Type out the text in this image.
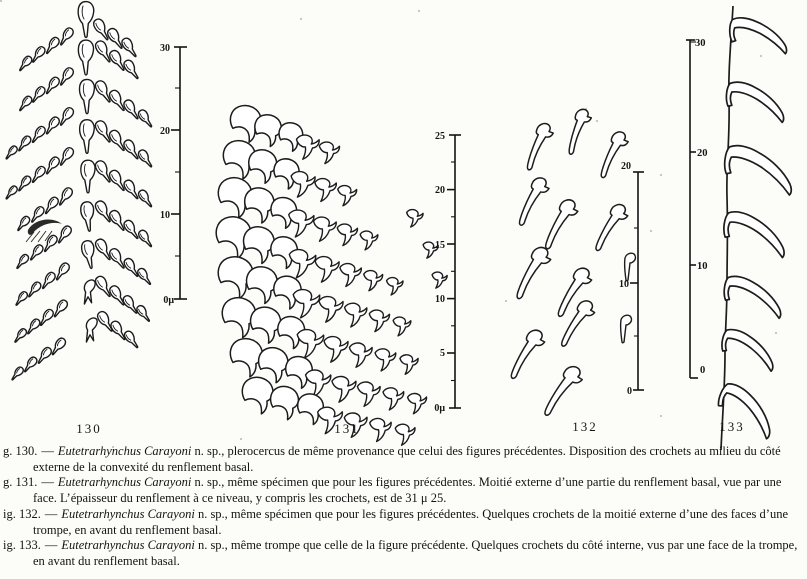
30
20
10
0μ
25
20
15
10
5
0μ
20
10
0
30
20
10
0
130	131	132	133

g. 130. — Eutetrarhynchus Carayoni n. sp., plerocercus de même provenance que celui des figures précédentes. Disposition des crochets au milieu du côté externe de la convexité du renflement basal.

g. 131. — Eutetrarhynchus Carayoni n. sp., même spécimen que pour les figures précédentes. Moitié externe d’une partie du renflement basal, vue par une face. L’épaisseur du renflement à ce niveau, y compris les crochets, est de 31 μ 25.

ig. 132. — Eutetrarhynchus Carayoni n. sp., même spécimen que pour les figures précédentes. Quelques crochets de la moitié externe d’une des faces d’une trompe, en avant du renflement basal.

ig. 133. — Eutetrarhynchus Carayoni n. sp., même trompe que celle de la figure précédente. Quelques crochets du côté interne, vus par une face de la trompe, en avant du renflement basal.
